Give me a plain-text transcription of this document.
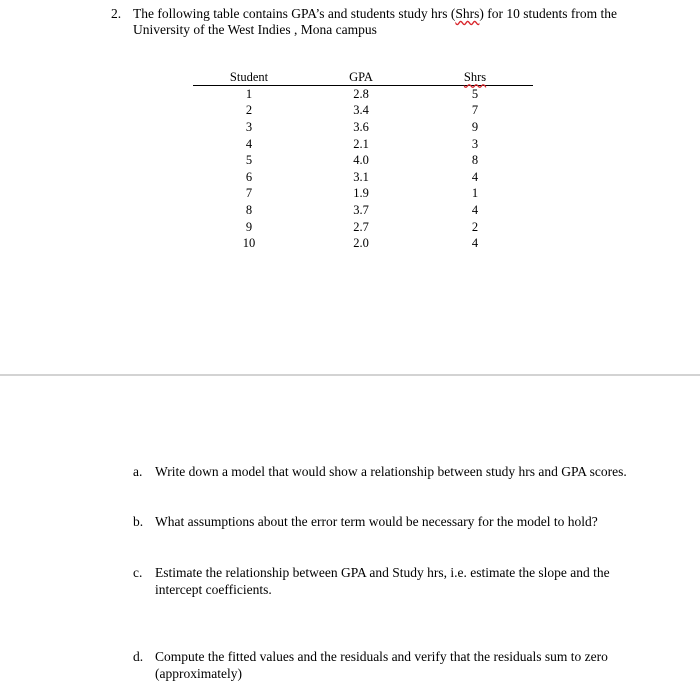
2. The following table contains GPA’s and students study hrs (Shrs) for 10 students from the University of the West Indies , Mona campus
Student	GPA	Shrs
1	2.8	5
2	3.4	7
3	3.6	9
4	2.1	3
5	4.0	8
6	3.1	4
7	1.9	1
8	3.7	4
9	2.7	2
10	2.0	4
a. Write down a model that would show a relationship between study hrs and GPA scores.
b. What assumptions about the error term would be necessary for the model to hold?
c. Estimate the relationship between GPA and Study hrs, i.e. estimate the slope and the intercept coefficients.
d. Compute the fitted values and the residuals and verify that the residuals sum to zero (approximately)
